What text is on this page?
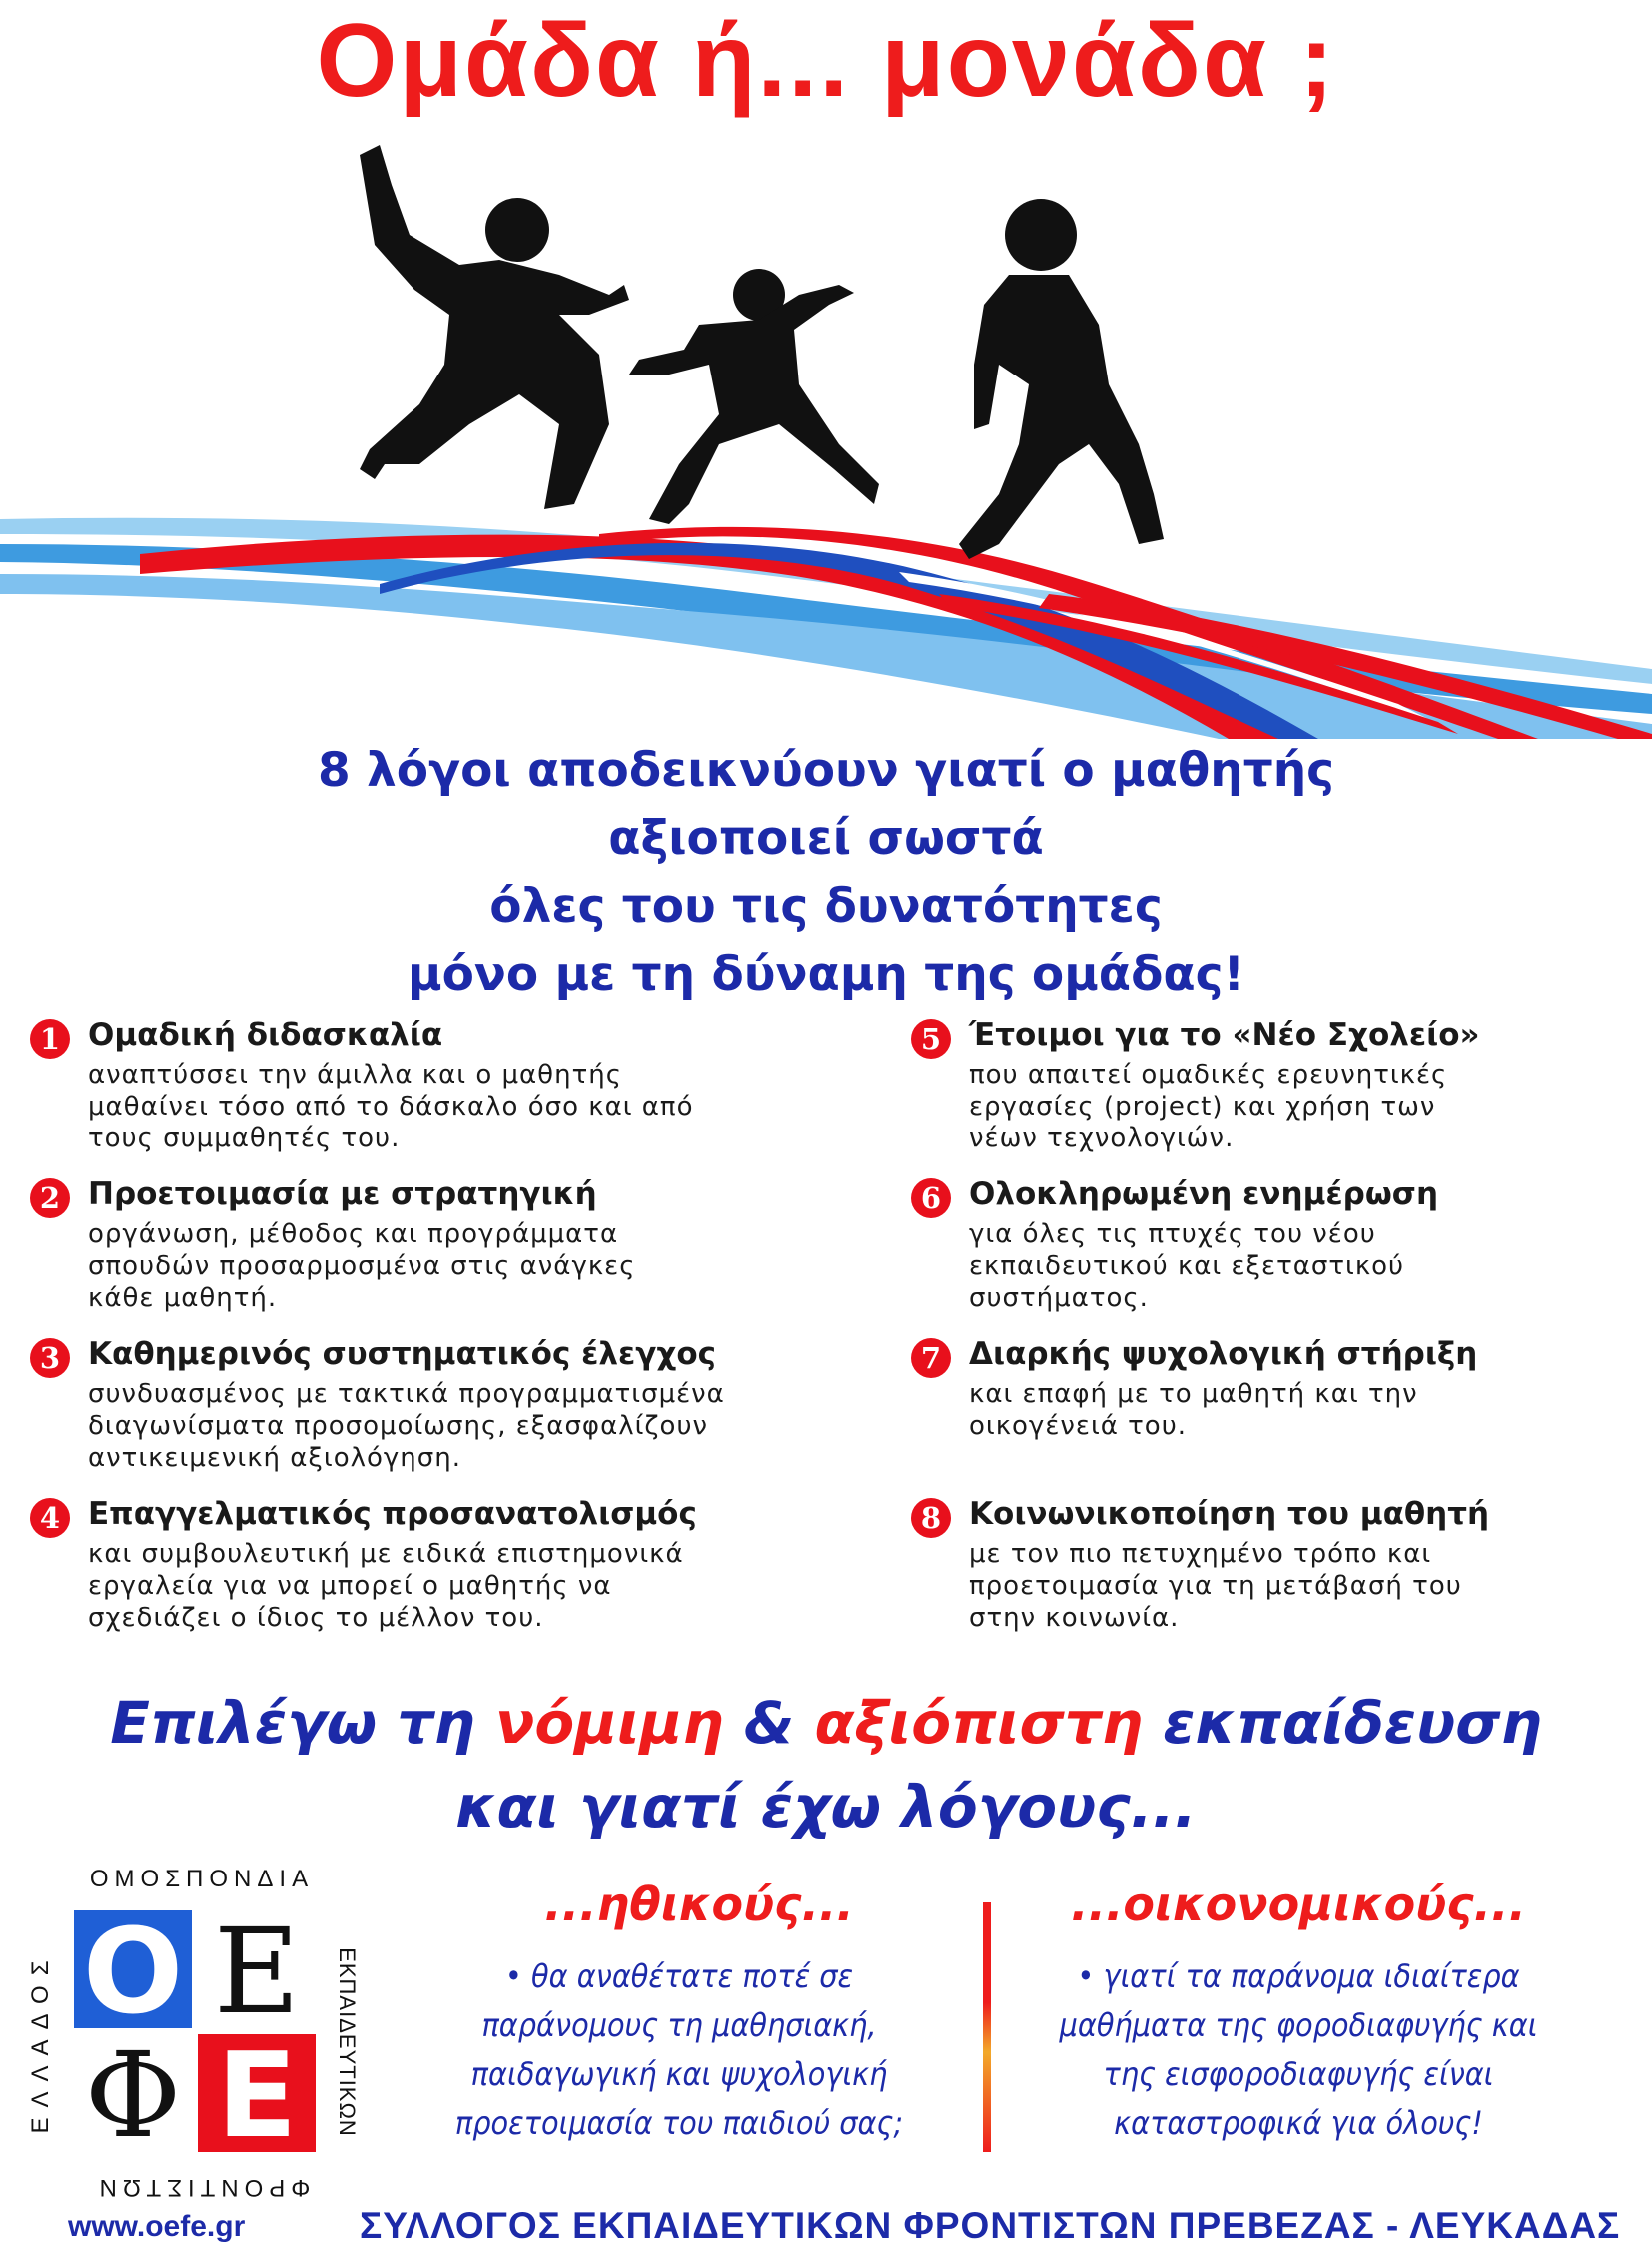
Ομάδα ή... μονάδα ;
8 λόγοι αποδεικνύουν γιατί ο μαθητής
αξιοποιεί σωστά
όλες του τις δυνατότητες
μόνο με τη δύναμη της ομάδας!
1 Ομαδική διδασκαλία
αναπτύσσει την άμιλλα και ο μαθητής
μαθαίνει τόσο από το δάσκαλο όσο και από
τους συμμαθητές του.
2 Προετοιμασία με στρατηγική
οργάνωση, μέθοδος και προγράμματα
σπουδών προσαρμοσμένα στις ανάγκες
κάθε μαθητή.
3 Καθημερινός συστηματικός έλεγχος
συνδυασμένος με τακτικά προγραμματισμένα
διαγωνίσματα προσομοίωσης, εξασφαλίζουν
αντικειμενική αξιολόγηση.
4 Επαγγελματικός προσανατολισμός
και συμβουλευτική με ειδικά επιστημονικά
εργαλεία για να μπορεί ο μαθητής να
σχεδιάζει ο ίδιος το μέλλον του.
5 Έτοιμοι για το «Νέο Σχολείο»
που απαιτεί ομαδικές ερευνητικές
εργασίες (project) και χρήση των
νέων τεχνολογιών.
6 Ολοκληρωμένη ενημέρωση
για όλες τις πτυχές του νέου
εκπαιδευτικού και εξεταστικού
συστήματος.
7 Διαρκής ψυχολογική στήριξη
και επαφή με το μαθητή και την
οικογένειά του.
8 Κοινωνικοποίηση του μαθητή
με τον πιο πετυχημένο τρόπο και
προετοιμασία για τη μετάβασή του
στην κοινωνία.
Επιλέγω τη νόμιμη & αξιόπιστη εκπαίδευση
και γιατί έχω λόγους...
ΟΜΟΣΠΟΝΔΙΑ
ΦΡΟΝΤΙΣΤΩΝ
ΕΛΛΑΔΟΣ	ΕΚΠΑΙΔΕΥΤΙΚΩΝ
Ο Ε
Φ Ε
...ηθικούς...
• θα αναθέτατε ποτέ σε
παράνομους τη μαθησιακή,
παιδαγωγική και ψυχολογική
προετοιμασία του παιδιού σας;
...οικονομικούς...
• γιατί τα παράνομα ιδιαίτερα
μαθήματα της φοροδιαφυγής και
της εισφοροδιαφυγής είναι
καταστροφικά για όλους!
www.oefe.gr	ΣΥΛΛΟΓΟΣ ΕΚΠΑΙΔΕΥΤΙΚΩΝ ΦΡΟΝΤΙΣΤΩΝ ΠΡΕΒΕΖΑΣ - ΛΕΥΚΑΔΑΣ
